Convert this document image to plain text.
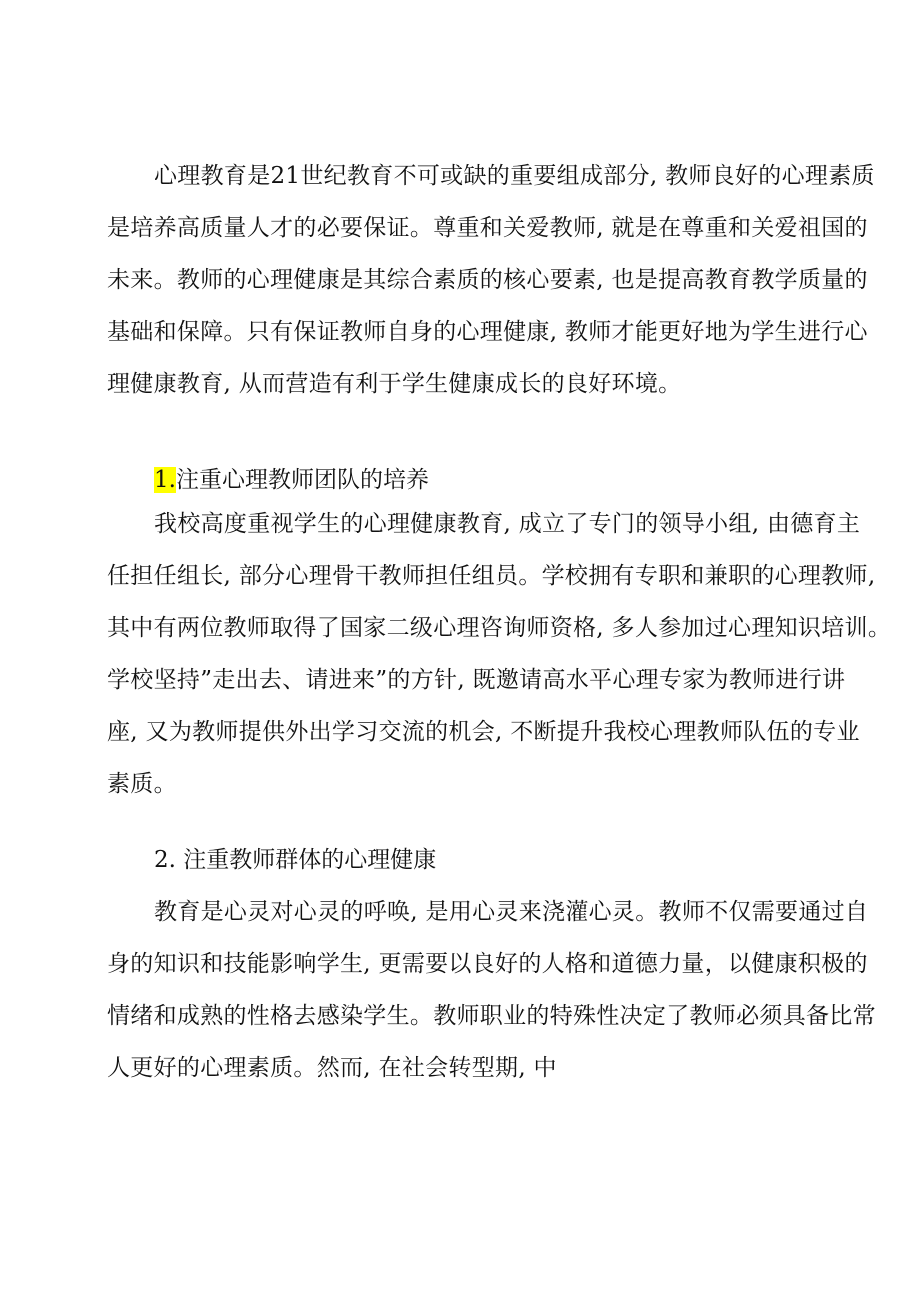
心理教育是21世纪教育不可或缺的重要组成部分, 教师良好的心理素质
是培养高质量人才的必要保证。尊重和关爱教师, 就是在尊重和关爱祖国的
未来。教师的心理健康是其综合素质的核心要素, 也是提高教育教学质量的
基础和保障。只有保证教师自身的心理健康, 教师才能更好地为学生进行心
理健康教育, 从而营造有利于学生健康成长的良好环境。
1.注重心理教师团队的培养
我校高度重视学生的心理健康教育, 成立了专门的领导小组, 由德育主
任担任组长, 部分心理骨干教师担任组员。学校拥有专职和兼职的心理教师,
其中有两位教师取得了国家二级心理咨询师资格, 多人参加过心理知识培训。
学校坚持”走出去、请进来”的方针, 既邀请高水平心理专家为教师进行讲
座, 又为教师提供外出学习交流的机会, 不断提升我校心理教师队伍的专业
素质。
2. 注重教师群体的心理健康
教育是心灵对心灵的呼唤, 是用心灵来浇灌心灵。教师不仅需要通过自
身的知识和技能影响学生, 更需要以良好的人格和道德力量，以健康积极的
情绪和成熟的性格去感染学生。教师职业的特殊性决定了教师必须具备比常
人更好的心理素质。然而, 在社会转型期, 中
